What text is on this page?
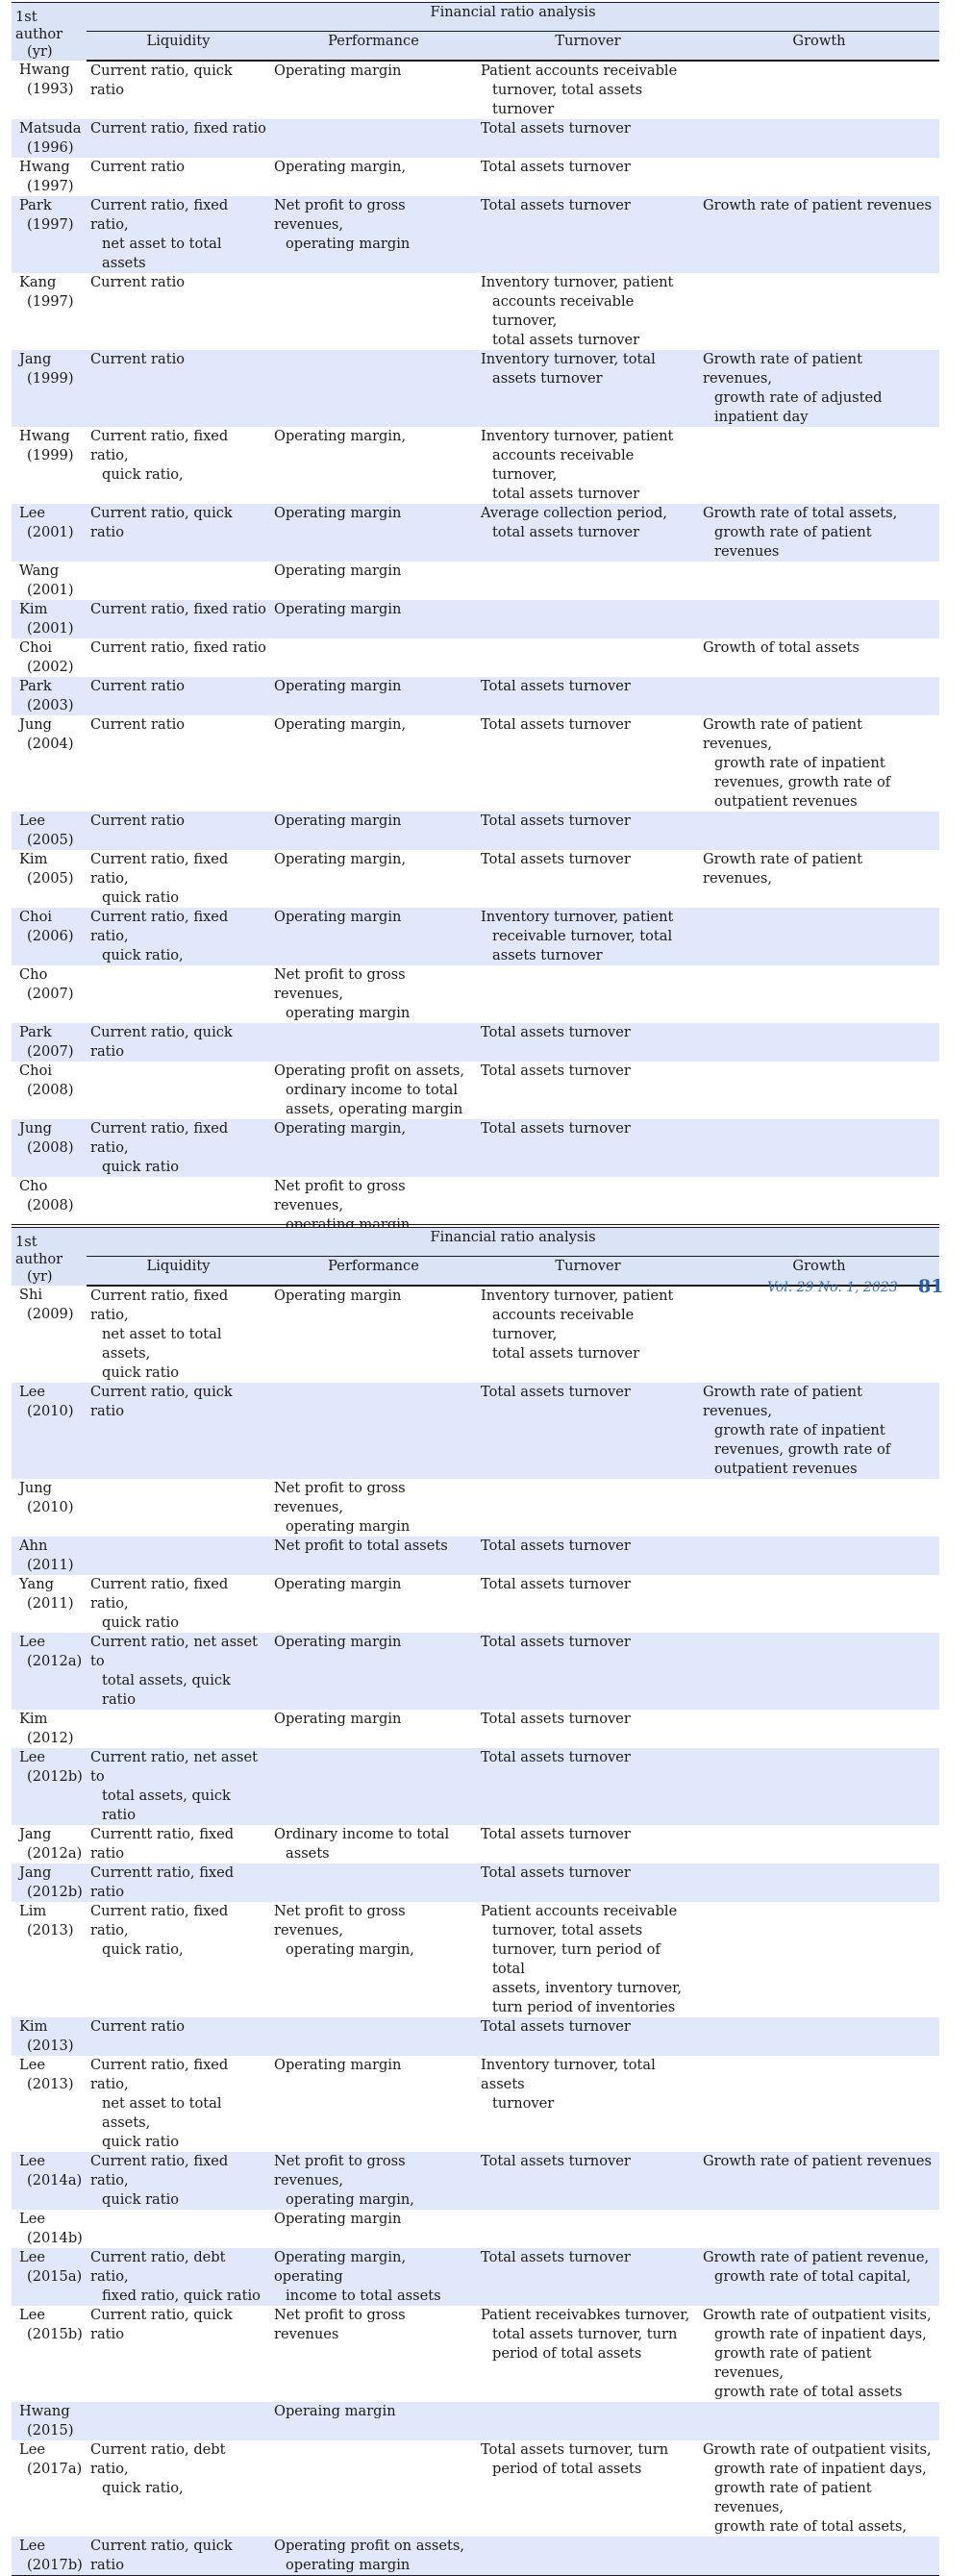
1st author
(yr)	Financial ratio analysis			
	Liquidity	Performance	Turnover	Growth

Hwang
(1993)	Current ratio, quick ratio	Operating margin	Patient accounts receivable
turnover, total assets turnover	

Matsuda
(1996)	Current ratio, fixed ratio		Total assets turnover	

Hwang
(1997)	Current ratio	Operating margin,	Total assets turnover	

Park
(1997)	Current ratio, fixed ratio,
net asset to total assets	Net profit to gross revenues,
operating margin	Total assets turnover	Growth rate of patient revenues

Kang
(1997)	Current ratio		Inventory turnover, patient
accounts receivable turnover,
total assets turnover	

Jang
(1999)	Current ratio		Inventory turnover, total
assets turnover	Growth rate of patient revenues,
growth rate of adjusted
inpatient day

Hwang
(1999)	Current ratio, fixed ratio,
quick ratio,	Operating margin,	Inventory turnover, patient
accounts receivable turnover,
total assets turnover	

Lee
(2001)	Current ratio, quick ratio	Operating margin	Average collection period,
total assets turnover	Growth rate of total assets,
growth rate of patient revenues

Wang
(2001)		Operating margin		

Kim
(2001)	Current ratio, fixed ratio	Operating margin		

Choi
(2002)	Current ratio, fixed ratio			Growth of total assets

Park
(2003)	Current ratio	Operating margin	Total assets turnover	

Jung
(2004)	Current ratio	Operating margin,	Total assets turnover	Growth rate of patient revenues,
growth rate of inpatient
revenues, growth rate of
outpatient revenues

Lee
(2005)	Current ratio	Operating margin	Total assets turnover	

Kim
(2005)	Current ratio, fixed ratio,
quick ratio	Operating margin,	Total assets turnover	Growth rate of patient revenues,

Choi
(2006)	Current ratio, fixed ratio,
quick ratio,	Operating margin	Inventory turnover, patient
receivable turnover, total
assets turnover	

Cho
(2007)		Net profit to gross revenues,
operating margin		

Park
(2007)	Current ratio, quick ratio		Total assets turnover	

Choi
(2008)		Operating profit on assets,
ordinary income to total
assets, operating margin	Total assets turnover	

Jung
(2008)	Current ratio, fixed ratio,
quick ratio	Operating margin,	Total assets turnover	

Cho
(2008)		Net profit to gross revenues,
operating margin		

1st author
(yr)	Financial ratio analysis			
	Liquidity	Performance	Turnover	Growth

Shi
(2009)	Current ratio, fixed ratio,
net asset to total assets,
quick ratio	Operating margin	Inventory turnover, patient
accounts receivable turnover,
total assets turnover	

Lee
(2010)	Current ratio, quick ratio		Total assets turnover	Growth rate of patient revenues,
growth rate of inpatient
revenues, growth rate of
outpatient revenues

Jung
(2010)		Net profit to gross revenues,
operating margin		

Ahn
(2011)		Net profit to total assets	Total assets turnover	

Yang
(2011)	Current ratio, fixed ratio,
quick ratio	Operating margin	Total assets turnover	

Lee
(2012a)	Current ratio, net asset to
total assets, quick ratio	Operating margin	Total assets turnover	

Kim
(2012)		Operating margin	Total assets turnover	

Lee
(2012b)	Current ratio, net asset to
total assets, quick ratio		Total assets turnover	

Jang
(2012a)	Currentt ratio, fixed ratio	Ordinary income to total
assets	Total assets turnover	

Jang
(2012b)	Currentt ratio, fixed ratio		Total assets turnover	

Lim
(2013)	Current ratio, fixed ratio,
quick ratio,	Net profit to gross revenues,
operating margin,	Patient accounts receivable
turnover, total assets
turnover, turn period of total
assets, inventory turnover,
turn period of inventories	

Kim
(2013)	Current ratio		Total assets turnover	

Lee
(2013)	Current ratio, fixed ratio,
net asset to total assets,
quick ratio	Operating margin	Inventory turnover, total assets
turnover	

Lee
(2014a)	Current ratio, fixed ratio,
quick ratio	Net profit to gross revenues,
operating margin,	Total assets turnover	Growth rate of patient revenues

Lee
(2014b)		Operating margin		

Lee
(2015a)	Current ratio, debt ratio,
fixed ratio, quick ratio	Operating margin, operating
income to total assets	Total assets turnover	Growth rate of patient revenue,
growth rate of total capital,

Lee
(2015b)	Current ratio, quick ratio	Net profit to gross revenues	Patient receivabkes turnover,
total assets turnover, turn
period of total assets	Growth rate of outpatient visits,
growth rate of inpatient days,
growth rate of patient revenues,
growth rate of total assets

Hwang
(2015)		Operaing margin		

Lee
(2017a)	Current ratio, debt ratio,
quick ratio,		Total assets turnover, turn
period of total assets	Growth rate of outpatient visits,
growth rate of inpatient days,
growth rate of patient revenues,
growth rate of total assets,

Lee
(2017b)	Current ratio, quick ratio	Operating profit on assets,
operating margin		

Vol. 29 No. 1, 2023 81
